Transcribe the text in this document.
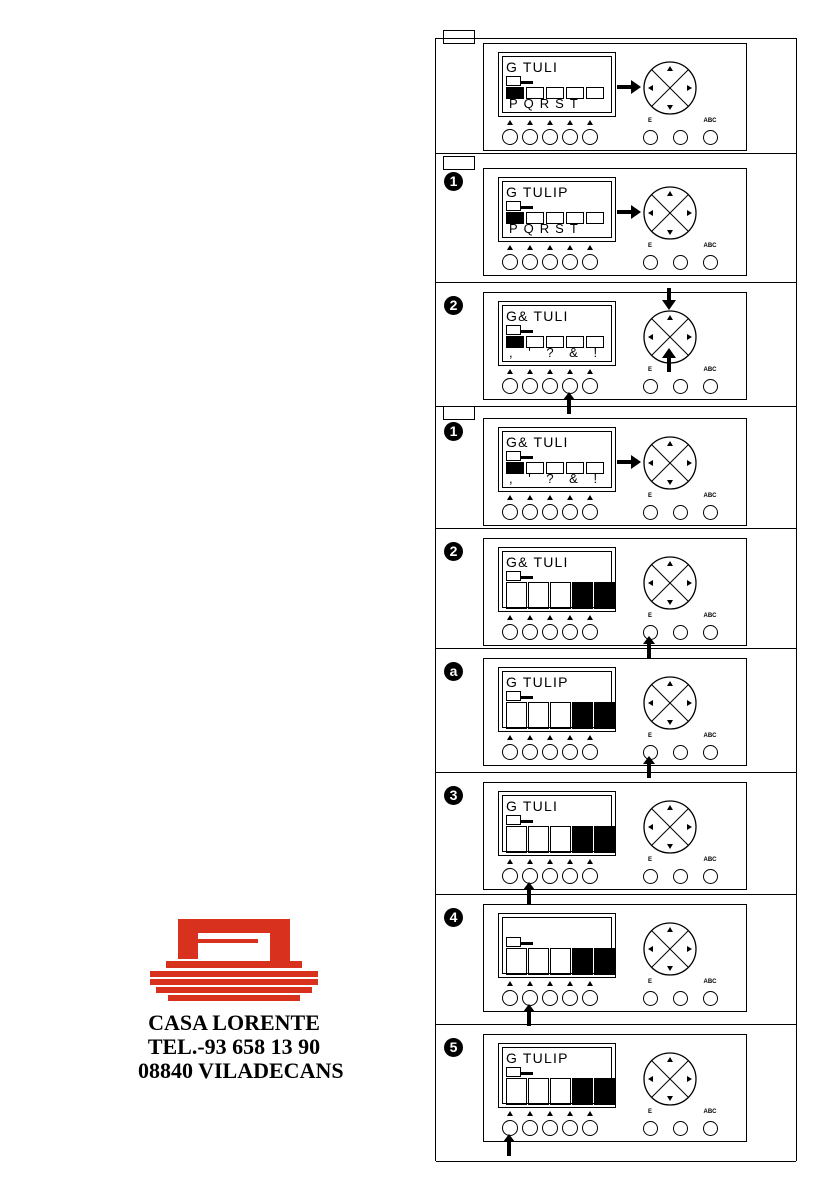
CASA LORENTE
TEL.-93 658 13 90
08840 VILADECANS
G TULI
PQRST
E	ABC
1
G TULIP
PQRST
E	ABC
2
G& TULI
, ' ? & !
E	ABC
1
G& TULI
, ' ? & !
E	ABC
2
G& TULI
E	ABC
a
G TULIP
E	ABC
3
G TULI
E	ABC
4
E	ABC
5
G TULIP
E	ABC
